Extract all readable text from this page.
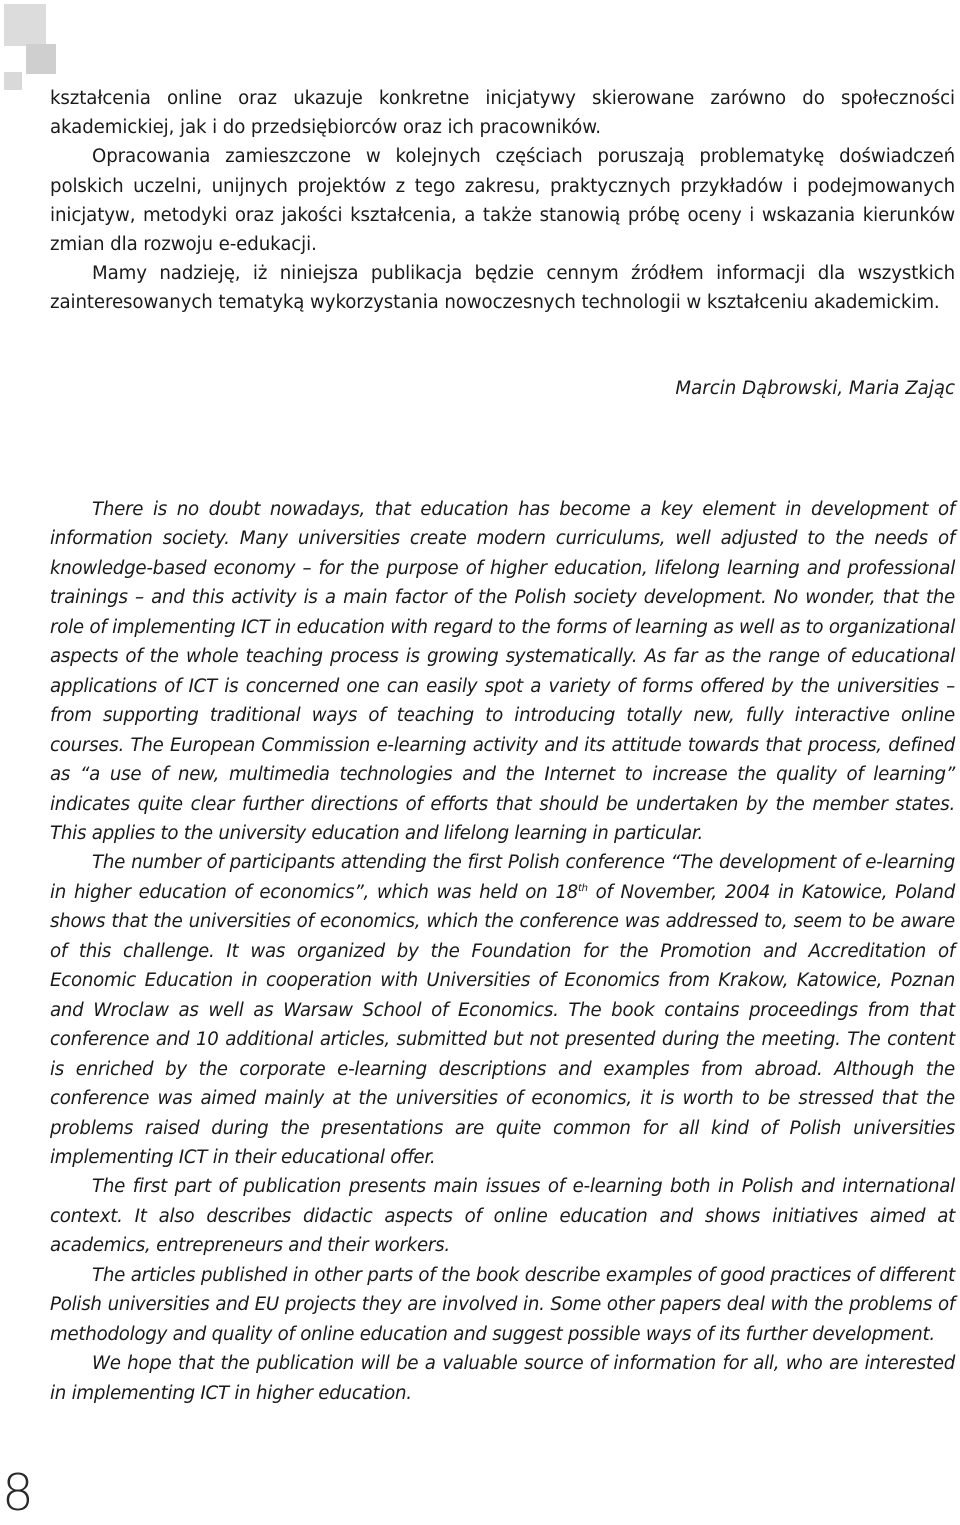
kształcenia online oraz ukazuje konkretne inicjatywy skierowane zarówno do społeczności akademickiej, jak i do przedsiębiorców oraz ich pracowników.

Opracowania zamieszczone w kolejnych częściach poruszają problematykę doświadczeń polskich uczelni, unijnych projektów z tego zakresu, praktycznych przykładów i podejmowanych inicjatyw, metodyki oraz jakości kształcenia, a także stanowią próbę oceny i wskazania kierunków zmian dla rozwoju e-edukacji.

Mamy nadzieję, iż niniejsza publikacja będzie cennym źródłem informacji dla wszystkich zainteresowanych tematyką wykorzystania nowoczesnych technologii w kształceniu akademickim.

Marcin Dąbrowski, Maria Zając

There is no doubt nowadays, that education has become a key element in development of information society. Many universities create modern curriculums, well adjusted to the needs of knowledge-based economy – for the purpose of higher education, lifelong learning and professional trainings – and this activity is a main factor of the Polish society development. No wonder, that the role of implementing ICT in education with regard to the forms of learning as well as to organizational aspects of the whole teaching process is growing systematically. As far as the range of educational applications of ICT is concerned one can easily spot a variety of forms offered by the universities – from supporting traditional ways of teaching to introducing totally new, fully interactive online courses. The European Commission e-learning activity and its attitude towards that process, defined as “a use of new, multimedia technologies and the Internet to increase the quality of learning” indicates quite clear further directions of efforts that should be undertaken by the member states. This applies to the university education and lifelong learning in particular.

The number of participants attending the first Polish conference “The development of e-learning in higher education of economics”, which was held on 18th of November, 2004 in Katowice, Poland shows that the universities of economics, which the conference was addressed to, seem to be aware of this challenge. It was organized by the Foundation for the Promotion and Accreditation of Economic Education in cooperation with Universities of Economics from Krakow, Katowice, Poznan and Wroclaw as well as Warsaw School of Economics. The book contains proceedings from that conference and 10 additional articles, submitted but not presented during the meeting. The content is enriched by the corporate e-learning descriptions and examples from abroad. Although the conference was aimed mainly at the universities of economics, it is worth to be stressed that the problems raised during the presentations are quite common for all kind of Polish universities implementing ICT in their educational offer.

The first part of publication presents main issues of e-learning both in Polish and international context. It also describes didactic aspects of online education and shows initiatives aimed at academics, entrepreneurs and their workers.

The articles published in other parts of the book describe examples of good practices of different Polish universities and EU projects they are involved in. Some other papers deal with the problems of methodology and quality of online education and suggest possible ways of its further development.

We hope that the publication will be a valuable source of information for all, who are interested in implementing ICT in higher education.

8
